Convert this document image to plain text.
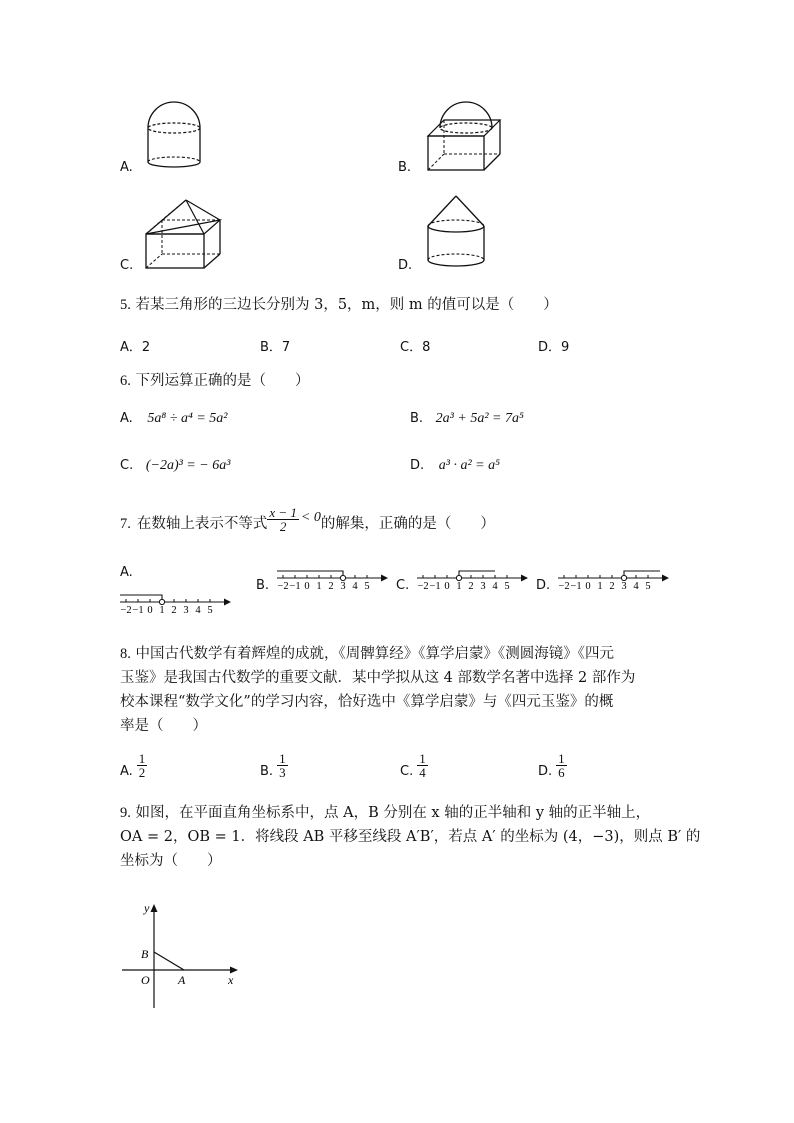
A.	B.
C.	D.
5. 若某三角形的三边长分别为 3，5，m，则 m 的值可以是（　　）
A．2	B．7	C．8	D．9
6. 下列运算正确的是（　　）
A. 5a⁸ ÷ a⁴ = 5a²	B. 2a³ + 5a² = 7a⁵
C. (−2a)³ = − 6a³	D. a³ · a² = a⁵
7. 在数轴上表示不等式 $\frac{x - 1}{2} < 0$ 的解集，正确的是（　　）
A.
B.	C.	D.
−2 −1 0 1 2 3 4 5
−2 −1 0 1 2 3 4 5	−2 −1 0 1 2 3 4 5	−2 −1 0 1 2 3 4 5
8. 中国古代数学有着辉煌的成就，《周髀算经》《算学启蒙》《测圆海镜》《四元
玉鉴》是我国古代数学的重要文献．某中学拟从这 4 部数学名著中选择 2 部作为
校本课程“数学文化”的学习内容，恰好选中《算学启蒙》与《四元玉鉴》的概
率是（　　）
A. $\frac{1}{2}$	B. $\frac{1}{3}$	C. $\frac{1}{4}$	D. $\frac{1}{6}$
9. 如图，在平面直角坐标系中，点 A，B 分别在 x 轴的正半轴和 y 轴的正半轴上，
OA = 2，OB = 1．将线段 AB 平移至线段 A′B′，若点 A′ 的坐标为 (4，−3)，则点 B′ 的
坐标为（　　）
y
x
O A
B
